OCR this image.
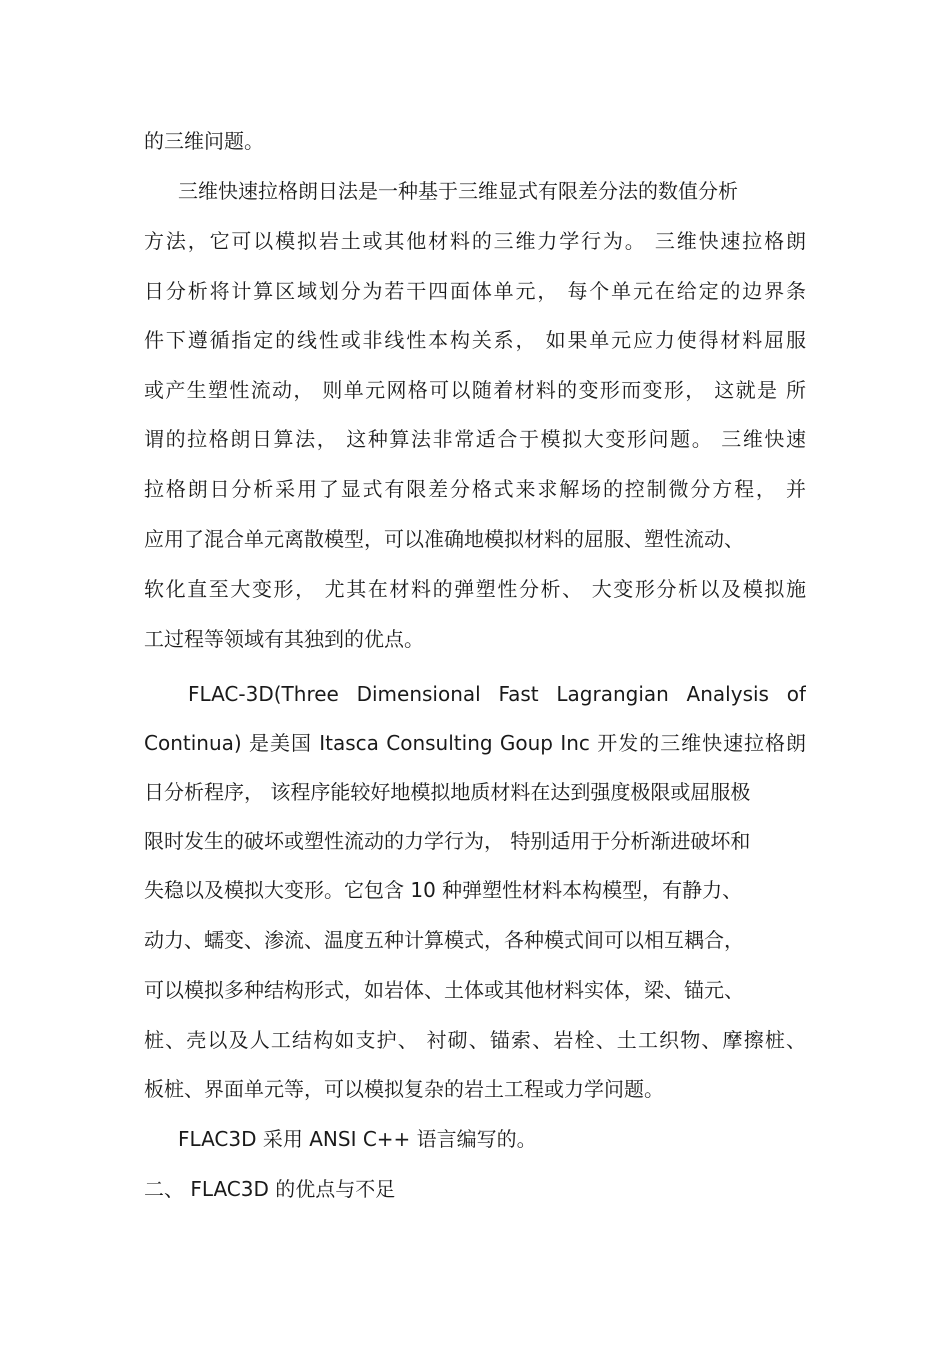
的三维问题。
三维快速拉格朗日法是一种基于三维显式有限差分法的数值分析
方法，它可以模拟岩土或其他材料的三维力学行为。 三维快速拉格朗
日分析将计算区域划分为若干四面体单元， 每个单元在给定的边界条
件下遵循指定的线性或非线性本构关系， 如果单元应力使得材料屈服
或产生塑性流动， 则单元网格可以随着材料的变形而变形， 这就是 所
谓的拉格朗日算法， 这种算法非常适合于模拟大变形问题。 三维快速
拉格朗日分析采用了显式有限差分格式来求解场的控制微分方程， 并
应用了混合单元离散模型，可以准确地模拟材料的屈服、塑性流动、
软化直至大变形， 尤其在材料的弹塑性分析、 大变形分析以及模拟施
工过程等领域有其独到的优点。
FLAC-3D(Three Dimensional Fast Lagrangian Analysis of
Continua) 是美国 Itasca Consulting Goup Inc 开发的三维快速拉格朗
日分析程序， 该程序能较好地模拟地质材料在达到强度极限或屈服极
限时发生的破坏或塑性流动的力学行为， 特别适用于分析渐进破坏和
失稳以及模拟大变形。它包含 10 种弹塑性材料本构模型，有静力、
动力、蠕变、渗流、温度五种计算模式，各种模式间可以相互耦合，
可以模拟多种结构形式，如岩体、土体或其他材料实体，梁、锚元、
桩、壳以及人工结构如支护、 衬砌、锚索、岩栓、土工织物、摩擦桩、
板桩、界面单元等，可以模拟复杂的岩土工程或力学问题。
FLAC3D 采用 ANSI C++ 语言编写的。
二、 FLAC3D 的优点与不足
